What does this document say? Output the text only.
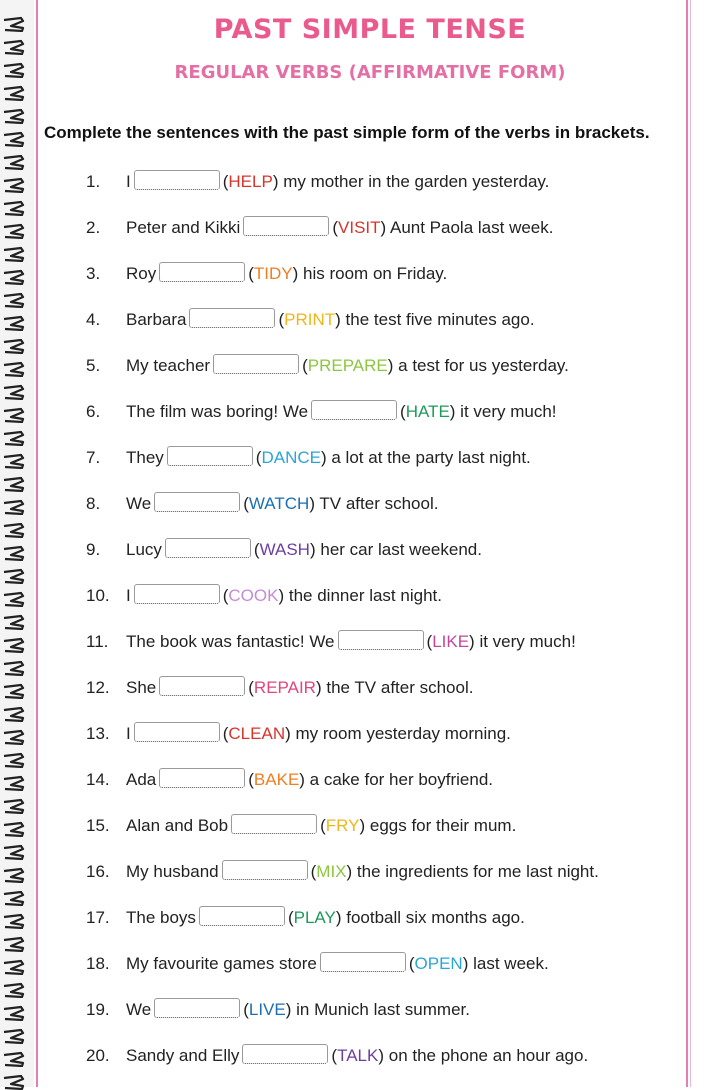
PAST SIMPLE TENSE
REGULAR VERBS (AFFIRMATIVE FORM)
Complete the sentences with the past simple form of the verbs in brackets.
1.	I	( HELP ) my mother in the garden yesterday.
2.	Peter and Kikki	( VISIT ) Aunt Paola last week.
3.	Roy	( TIDY ) his room on Friday.
4.	Barbara	( PRINT ) the test five minutes ago.
5.	My teacher	( PREPARE ) a test for us yesterday.
6.	The film was boring! We	( HATE ) it very much!
7.	They	( DANCE ) a lot at the party last night.
8.	We	( WATCH ) TV after school.
9.	Lucy	( WASH ) her car last weekend.
10. I	( COOK ) the dinner last night.
11.	The book was fantastic! We	( LIKE ) it very much!
12. She	( REPAIR ) the TV after school.
13. I	( CLEAN ) my room yesterday morning.
14. Ada	( BAKE ) a cake for her boyfriend.
15. Alan and Bob	( FRY ) eggs for their mum.
16. My husband	( MIX ) the ingredients for me last night.
17. The boys	( PLAY ) football six months ago.
18. My favourite games store	( OPEN ) last week.
19. We	( LIVE ) in Munich last summer.
20. Sandy and Elly	( TALK ) on the phone an hour ago.
